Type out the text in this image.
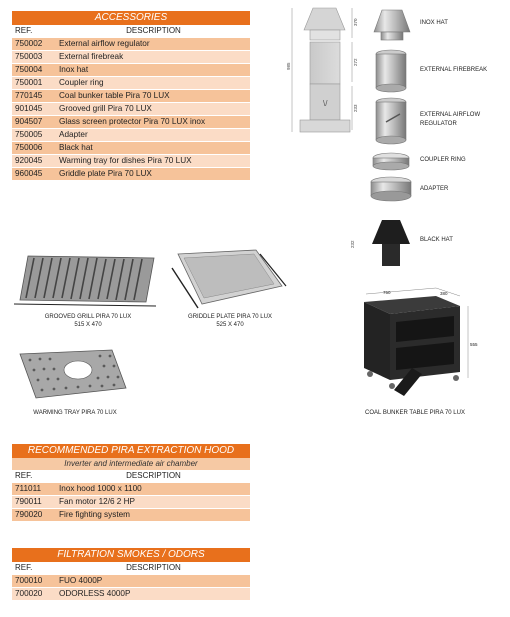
ACCESSORIES
REF.	DESCRIPTION
750002	External airflow regulator
750003	External firebreak
750004	Inox hat
750001	Coupler ring
770145	Coal bunker table Pira 70 LUX
901045	Grooved grill Pira 70 LUX
904507	Glass screen protector Pira 70 LUX inox
750005	Adapter
750006	Black hat
920045	Warming tray for dishes Pira 70 LUX
960045	Griddle plate Pira 70 LUX
\/
985
370
272
233
232
INOX HAT
EXTERNAL FIREBREAK
EXTERNAL AIRFLOW
REGULATOR
COUPLER RING
ADAPTER
BLACK HAT
GROOVED GRILL PIRA 70 LUX
515 X 470
GRIDDLE PLATE PIRA 70 LUX
525 X 470
WARMING TRAY PIRA 70 LUX
750	380
555
COAL BUNKER TABLE PIRA 70 LUX
RECOMMENDED PIRA EXTRACTION HOOD
Inverter and intermediate air chamber
REF.	DESCRIPTION
711011	Inox hood 1000 x 1100
790011	Fan motor 12/6 2 HP
790020	Fire fighting system
FILTRATION SMOKES / ODORS
REF.	DESCRIPTION
700010	FUO 4000P
700020	ODORLESS 4000P
